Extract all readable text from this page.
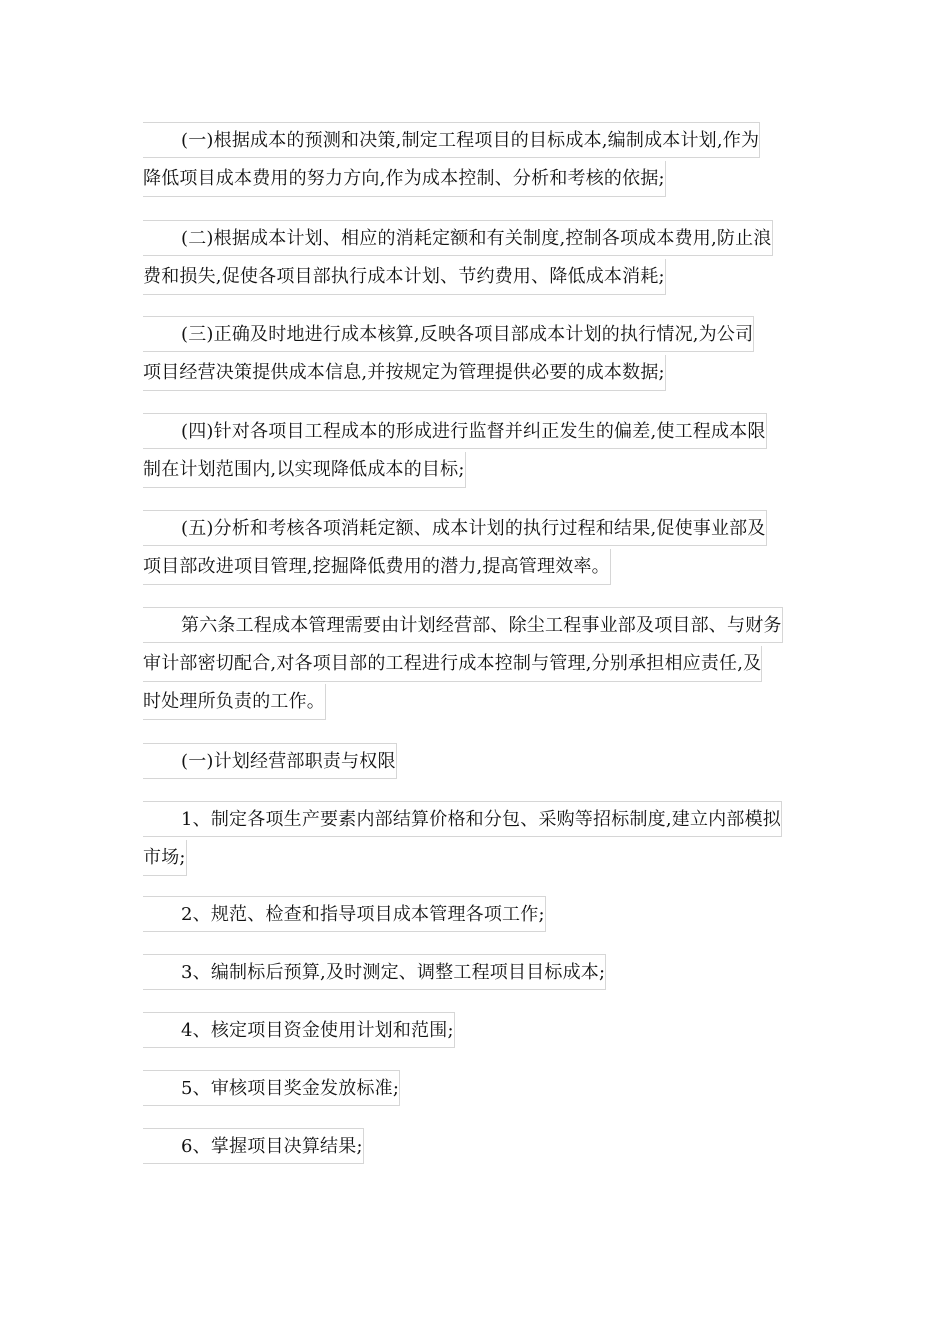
(一)根据成本的预测和决策,制定工程项目的目标成本,编制成本计划,作为
降低项目成本费用的努力方向,作为成本控制、分析和考核的依据;
(二)根据成本计划、相应的消耗定额和有关制度,控制各项成本费用,防止浪
费和损失,促使各项目部执行成本计划、节约费用、降低成本消耗;
(三)正确及时地进行成本核算,反映各项目部成本计划的执行情况,为公司
项目经营决策提供成本信息,并按规定为管理提供必要的成本数据;
(四)针对各项目工程成本的形成进行监督并纠正发生的偏差,使工程成本限
制在计划范围内,以实现降低成本的目标;
(五)分析和考核各项消耗定额、成本计划的执行过程和结果,促使事业部及
项目部改进项目管理,挖掘降低费用的潜力,提高管理效率。
第六条工程成本管理需要由计划经营部、除尘工程事业部及项目部、与财务
审计部密切配合,对各项目部的工程进行成本控制与管理,分别承担相应责任,及
时处理所负责的工作。
(一)计划经营部职责与权限
1、制定各项生产要素内部结算价格和分包、采购等招标制度,建立内部模拟
市场;
2、规范、检查和指导项目成本管理各项工作;
3、编制标后预算,及时测定、调整工程项目目标成本;
4、核定项目资金使用计划和范围;
5、审核项目奖金发放标准;
6、掌握项目决算结果;
